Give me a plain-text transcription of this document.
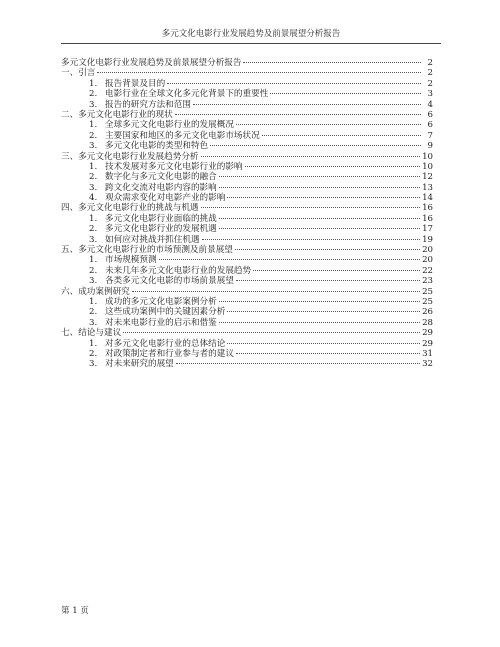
多元文化电影行业发展趋势及前景展望分析报告
多元文化电影行业发展趋势及前景展望分析报告	2
一、引言	2
1. 报告背景及目的	2
2. 电影行业在全球文化多元化背景下的重要性	3
3. 报告的研究方法和范围	4
二、多元文化电影行业的现状	6
1. 全球多元文化电影行业的发展概况	6
2. 主要国家和地区的多元文化电影市场状况	7
3. 多元文化电影的类型和特色	9
三、多元文化电影行业发展趋势分析	10
1. 技术发展对多元文化电影行业的影响	10
2. 数字化与多元文化电影的融合	12
3. 跨文化交流对电影内容的影响	13
4. 观众需求变化对电影产业的影响	14
四、多元文化电影行业的挑战与机遇	16
1. 多元文化电影行业面临的挑战	16
2. 多元文化电影行业的发展机遇	17
3. 如何应对挑战并抓住机遇	19
五、多元文化电影行业的市场预测及前景展望	20
1. 市场规模预测	20
2. 未来几年多元文化电影行业的发展趋势	22
3. 各类多元文化电影的市场前景展望	23
六、成功案例研究	25
1. 成功的多元文化电影案例分析	25
2. 这些成功案例中的关键因素分析	26
3. 对未来电影行业的启示和借鉴	28
七、结论与建议	29
1. 对多元文化电影行业的总体结论	29
2. 对政策制定者和行业参与者的建议	31
3. 对未来研究的展望	32
第 1 页
